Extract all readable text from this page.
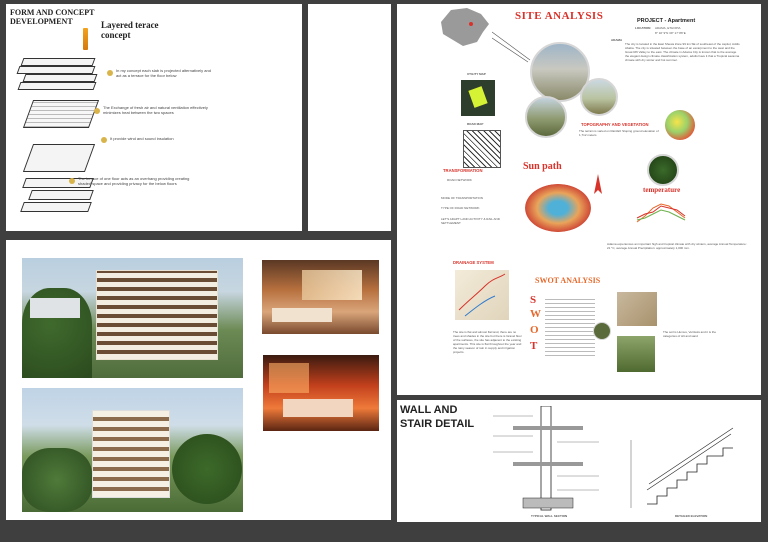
FORM AND CONCEPT DEVELOPMENT	Layered terace concept
In my concept each slab is projected alternatively and act as a terrace for the floor below
The Exchange of fresh air and natural ventilation effectively minimizes heat between the two spaces
It provide wind and sound insulation
The terrace of one floor acts as an overhang providing creating shaded space and providing privacy for the below floors
SITE ANALYSIS	PROJECT - Apartment
LOCATION ADAMA, ETHOPIA
8° 32' 9"N 39° 17' 86"E
ADAMA
The city is located in the East Shewa Zone 99 km SE of southeast of the capitol, Addis Ababa. The city is situated between the base of an escarpment to the west and the Great Rift Valley to the east. The climate in Adama City is known that to the average the elegant design climate classification system, adults have it that a Tropical savanna climate with dry winter and hot summer.
UTILITY MAP
ROAD MAP	TOPOGRAPHY AND VEGETATION
The terrain is varied on Rainfall: Sloping ground elevation of 1,712 meters
Sun path
temperature
TRANSFORMATION
ROAD NETWORK
MODE OF TRANSPORTATION
TYPE OF ROAD NETWORK
LET'S ADAPT LAND ACTIVITY & RAIL AND SETTLEMENT
DRAINAGE SYSTEM
SWOT ANALYSIS
S
W
O
T
The site is flat and almost flat land, there are no trees and shades in the site but there is Gravel floor of the surfaces, the site has adjacent to the existing apartments. This site is flat throughout the year and the rainy season of rain in supply and irrigation projects.
Adama experiences an important high and tropical climate with dry winters, average Annual Temperature: 21 °C, average Annual Precipitation: approximately 1,000 mm.
The soil is Humus, Vertisols and it is the categories of silt and sand
WALL AND
STAIR DETAIL
TYPICAL WALL SECTION	DETAILED ELEVATION
